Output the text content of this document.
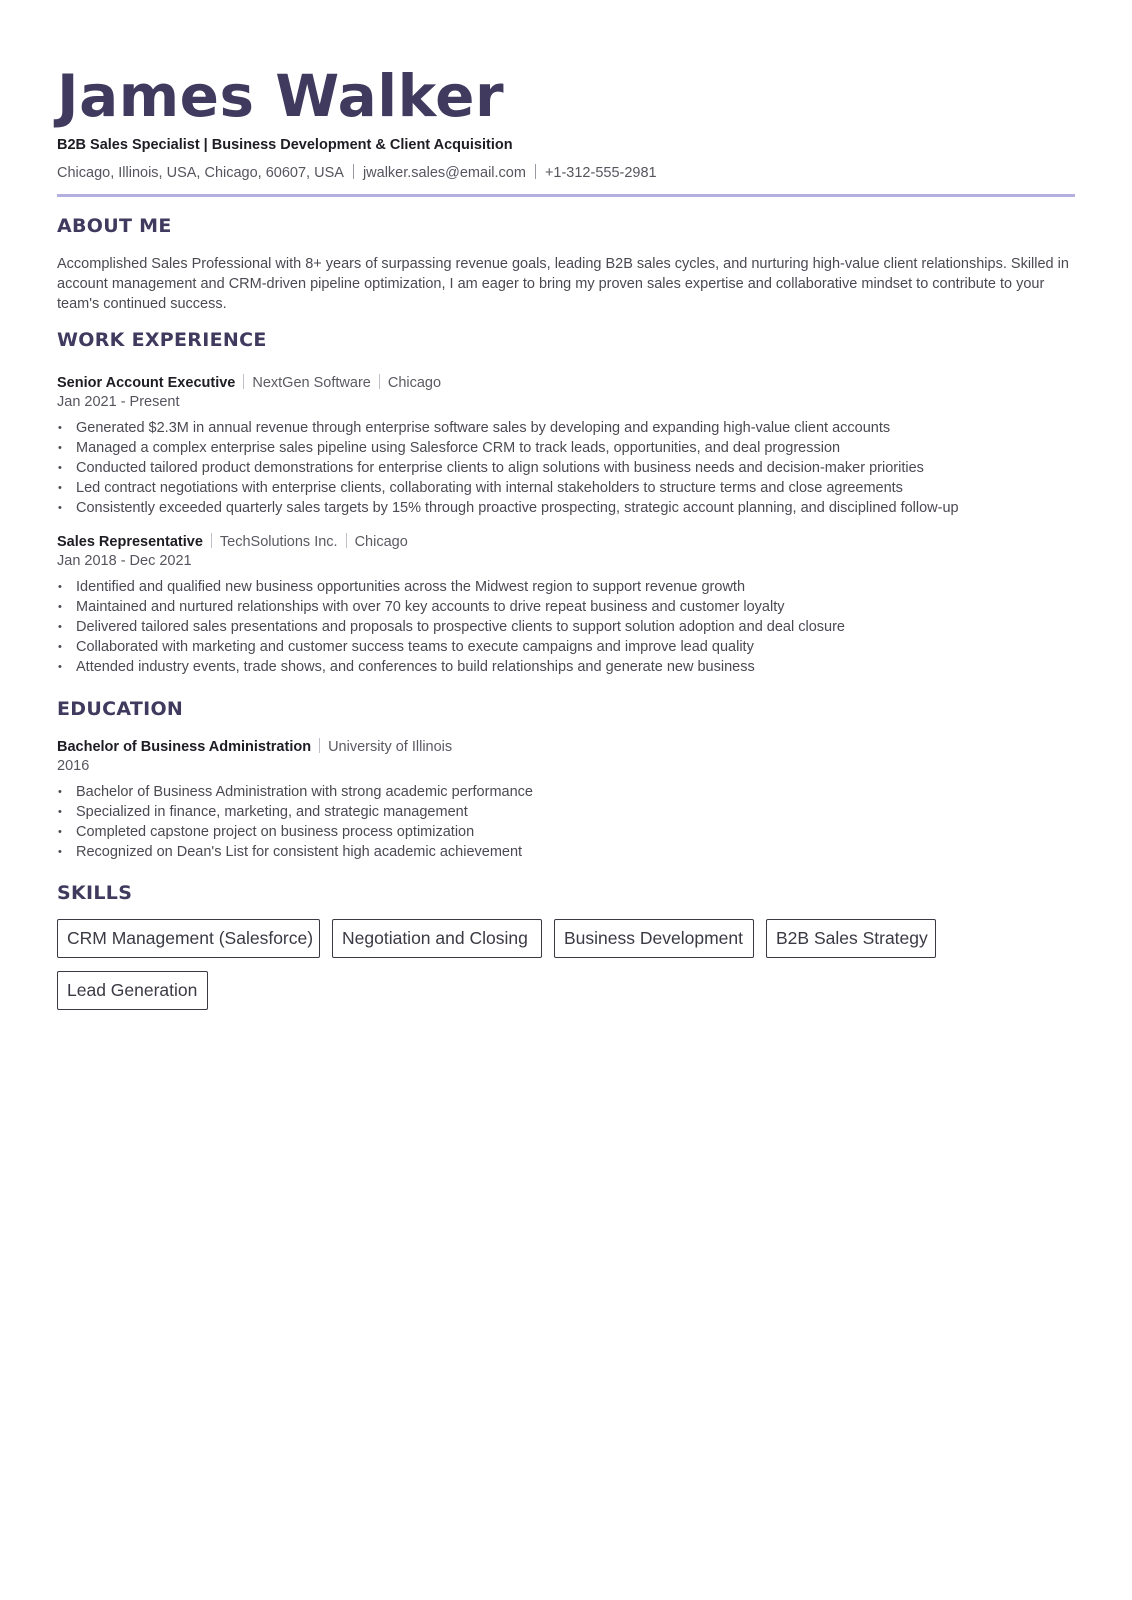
James Walker
B2B Sales Specialist | Business Development & Client Acquisition
Chicago, Illinois, USA, Chicago, 60607, USA jwalker.sales@email.com +1-312-555-2981
ABOUT ME

Accomplished Sales Professional with 8+ years of surpassing revenue goals, leading B2B sales cycles, and nurturing high-value client relationships. Skilled in account management and CRM-driven pipeline optimization, I am eager to bring my proven sales expertise and collaborative mindset to contribute to your team's continued success.

WORK EXPERIENCE
Senior Account Executive NextGen Software Chicago
Jan 2021 - Present
• Generated $2.3M in annual revenue through enterprise software sales by developing and expanding high-value client accounts
• Managed a complex enterprise sales pipeline using Salesforce CRM to track leads, opportunities, and deal progression
• Conducted tailored product demonstrations for enterprise clients to align solutions with business needs and decision-maker priorities
• Led contract negotiations with enterprise clients, collaborating with internal stakeholders to structure terms and close agreements
• Consistently exceeded quarterly sales targets by 15% through proactive prospecting, strategic account planning, and disciplined follow-up
Sales Representative TechSolutions Inc. Chicago
Jan 2018 - Dec 2021
• Identified and qualified new business opportunities across the Midwest region to support revenue growth
• Maintained and nurtured relationships with over 70 key accounts to drive repeat business and customer loyalty
• Delivered tailored sales presentations and proposals to prospective clients to support solution adoption and deal closure
• Collaborated with marketing and customer success teams to execute campaigns and improve lead quality
• Attended industry events, trade shows, and conferences to build relationships and generate new business
EDUCATION
Bachelor of Business Administration University of Illinois
2016
• Bachelor of Business Administration with strong academic performance
• Specialized in finance, marketing, and strategic management
• Completed capstone project on business process optimization
• Recognized on Dean's List for consistent high academic achievement
SKILLS
CRM Management (Salesforce)	Negotiation and Closing	Business Development	B2B Sales Strategy
Lead Generation
